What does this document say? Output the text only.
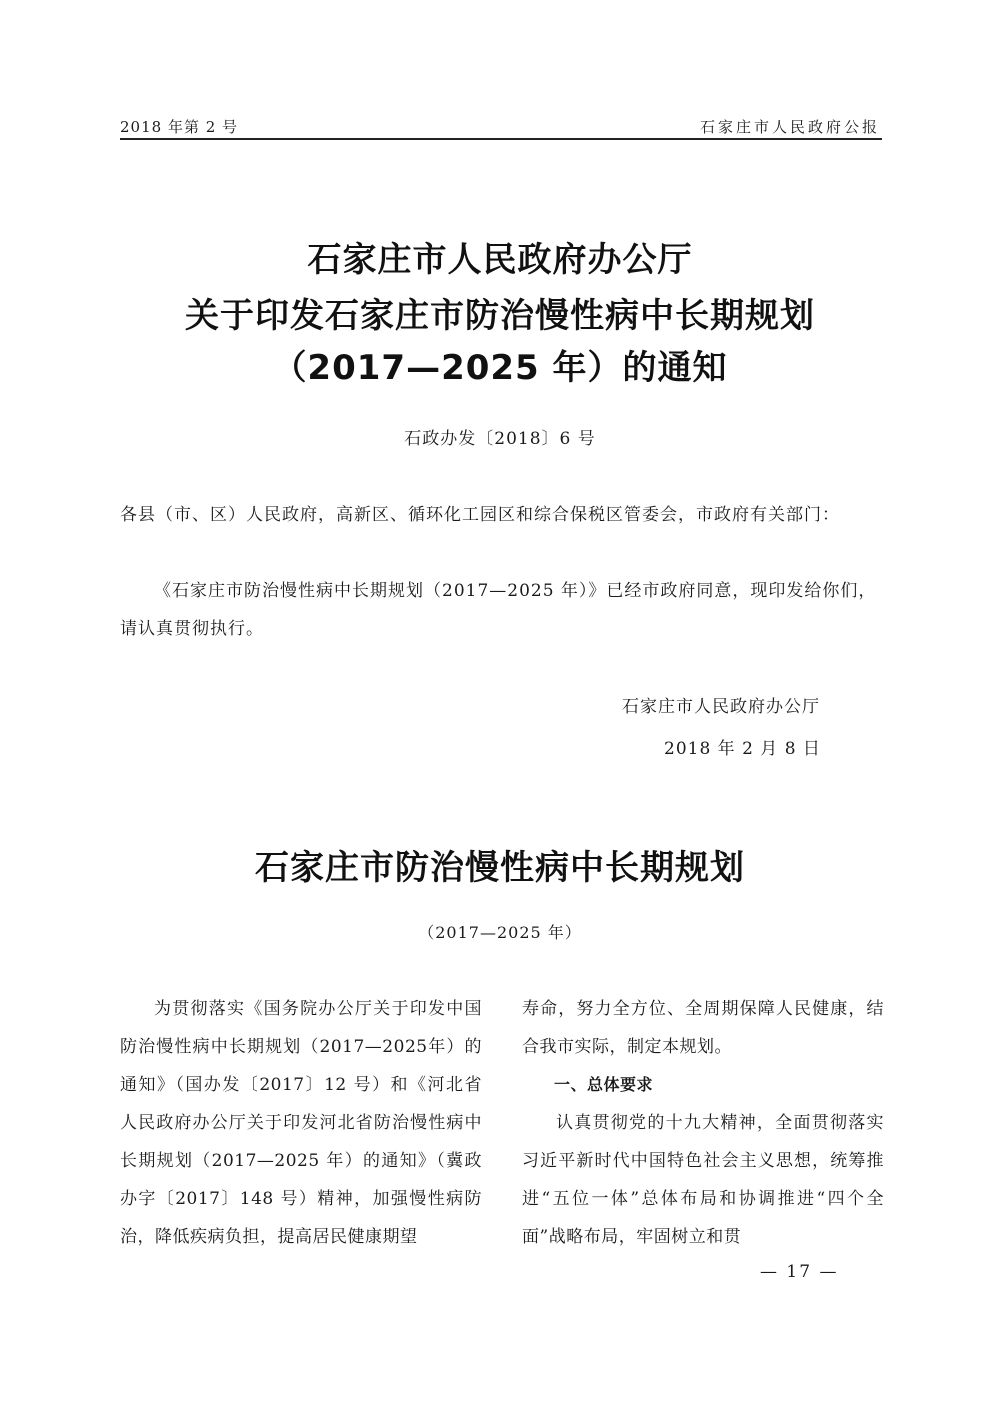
2018 年第 2 号	石家庄市人民政府公报
石家庄市人民政府办公厅
关于印发石家庄市防治慢性病中长期规划
（2017—2025 年）的通知
石政办发〔2018〕6 号
各县（市、区）人民政府，高新区、循环化工园区和综合保税区管委会，市政府有关部门：
《石家庄市防治慢性病中长期规划（2017—2025 年）》已经市政府同意，现印发给你们，请认真贯彻执行。
石家庄市人民政府办公厅
2018 年 2 月 8 日
石家庄市防治慢性病中长期规划
（2017—2025 年）
为贯彻落实《国务院办公厅关于印发中国防治慢性病中长期规划（2017—2025年）的通知》（国办发〔2017〕12 号）和《河北省人民政府办公厅关于印发河北省防治慢性病中长期规划（2017—2025 年）的通知》（冀政办字〔2017〕148 号）精神，加强慢性病防治，降低疾病负担，提高居民健康期望
寿命，努力全方位、全周期保障人民健康，结合我市实际，制定本规划。
一、总体要求
认真贯彻党的十九大精神，全面贯彻落实习近平新时代中国特色社会主义思想，统筹推进“五位一体”总体布局和协调推进“四个全面”战略布局，牢固树立和贯
— 17 —
